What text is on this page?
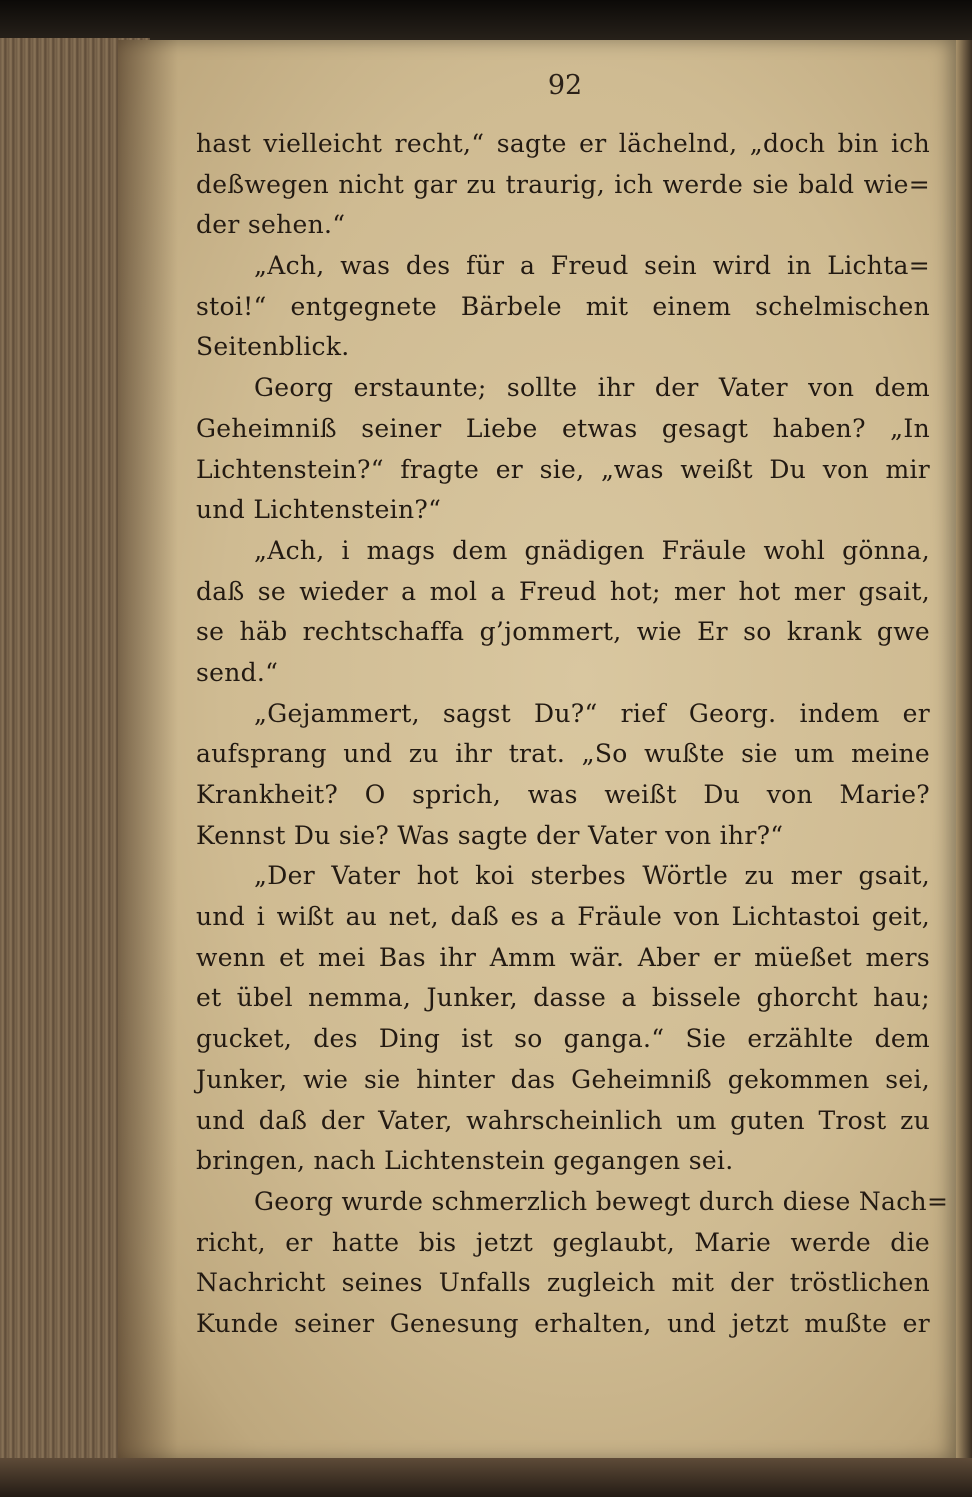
92
hast vielleicht recht,“ sagte er lächelnd, „doch bin ich
deßwegen nicht gar zu traurig, ich werde sie bald wie=
der sehen.“
„Ach, was des für a Freud sein wird in Lichta=
stoi!“ entgegnete Bärbele mit einem schelmischen
Seitenblick.
Georg erstaunte; sollte ihr der Vater von dem
Geheimniß seiner Liebe etwas gesagt haben? „In
Lichtenstein?“ fragte er sie, „was weißt Du von mir
und Lichtenstein?“
„Ach, i mags dem gnädigen Fräule wohl gönna,
daß se wieder a mol a Freud hot; mer hot mer gsait,
se häb rechtschaffa g’jommert, wie Er so krank gwe
send.“
„Gejammert, sagst Du?“ rief Georg. indem er
aufsprang und zu ihr trat. „So wußte sie um meine
Krankheit? O sprich, was weißt Du von Marie?
Kennst Du sie? Was sagte der Vater von ihr?“
„Der Vater hot koi sterbes Wörtle zu mer gsait,
und i wißt au net, daß es a Fräule von Lichtastoi geit,
wenn et mei Bas ihr Amm wär. Aber er müeßet mers
et übel nemma, Junker, dasse a bissele ghorcht hau;
gucket, des Ding ist so ganga.“ Sie erzählte dem
Junker, wie sie hinter das Geheimniß gekommen sei,
und daß der Vater, wahrscheinlich um guten Trost zu
bringen, nach Lichtenstein gegangen sei.
Georg wurde schmerzlich bewegt durch diese Nach=
richt, er hatte bis jetzt geglaubt, Marie werde die
Nachricht seines Unfalls zugleich mit der tröstlichen
Kunde seiner Genesung erhalten, und jetzt mußte er
